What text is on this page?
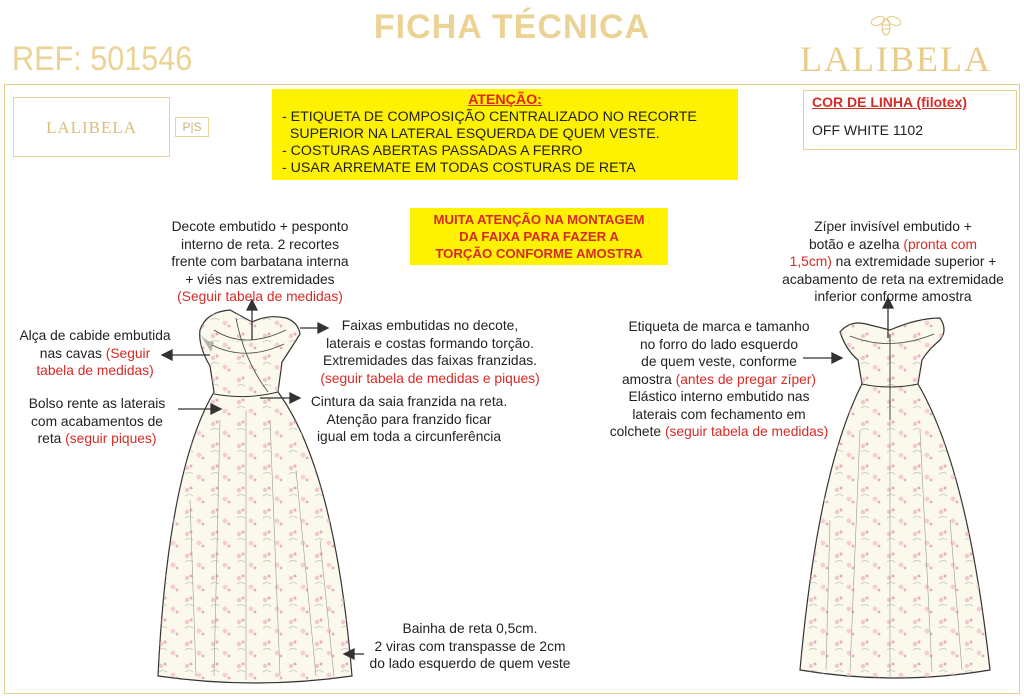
FICHA TÉCNICA
REF: 501546	LALIBELA
LALIBELA	P|S
ATENÇÃO:
- ETIQUETA DE COMPOSIÇÃO CENTRALIZADO NO RECORTE
SUPERIOR NA LATERAL ESQUERDA DE QUEM VESTE.
- COSTURAS ABERTAS PASSADAS A FERRO
- USAR ARREMATE EM TODAS COSTURAS DE RETA
COR DE LINHA (filotex)
OFF WHITE 1102
MUITA ATENÇÃO NA MONTAGEM
DA FAIXA PARA FAZER A
TORÇÃO CONFORME AMOSTRA
Decote embutido + pesponto
interno de reta. 2 recortes
frente com barbatana interna
+ viés nas extremidades
(Seguir tabela de medidas)
Alça de cabide embutida
nas cavas (Seguir
tabela de medidas)
Bolso rente as laterais
com acabamentos de
reta (seguir piques)
Faixas embutidas no decote,
laterais e costas formando torção.
Extremidades das faixas franzidas.
(seguir tabela de medidas e piques)
Cintura da saia franzida na reta.
Atenção para franzido ficar
igual em toda a circunferência
Bainha de reta 0,5cm.
2 viras com transpasse de 2cm
do lado esquerdo de quem veste
Zíper invisível embutido +
botão e azelha (pronta com
1,5cm) na extremidade superior +
acabamento de reta na extremidade
inferior conforme amostra
Etiqueta de marca e tamanho
no forro do lado esquerdo
de quem veste, conforme
amostra (antes de pregar zíper)
Elástico interno embutido nas
laterais com fechamento em
colchete (seguir tabela de medidas)
